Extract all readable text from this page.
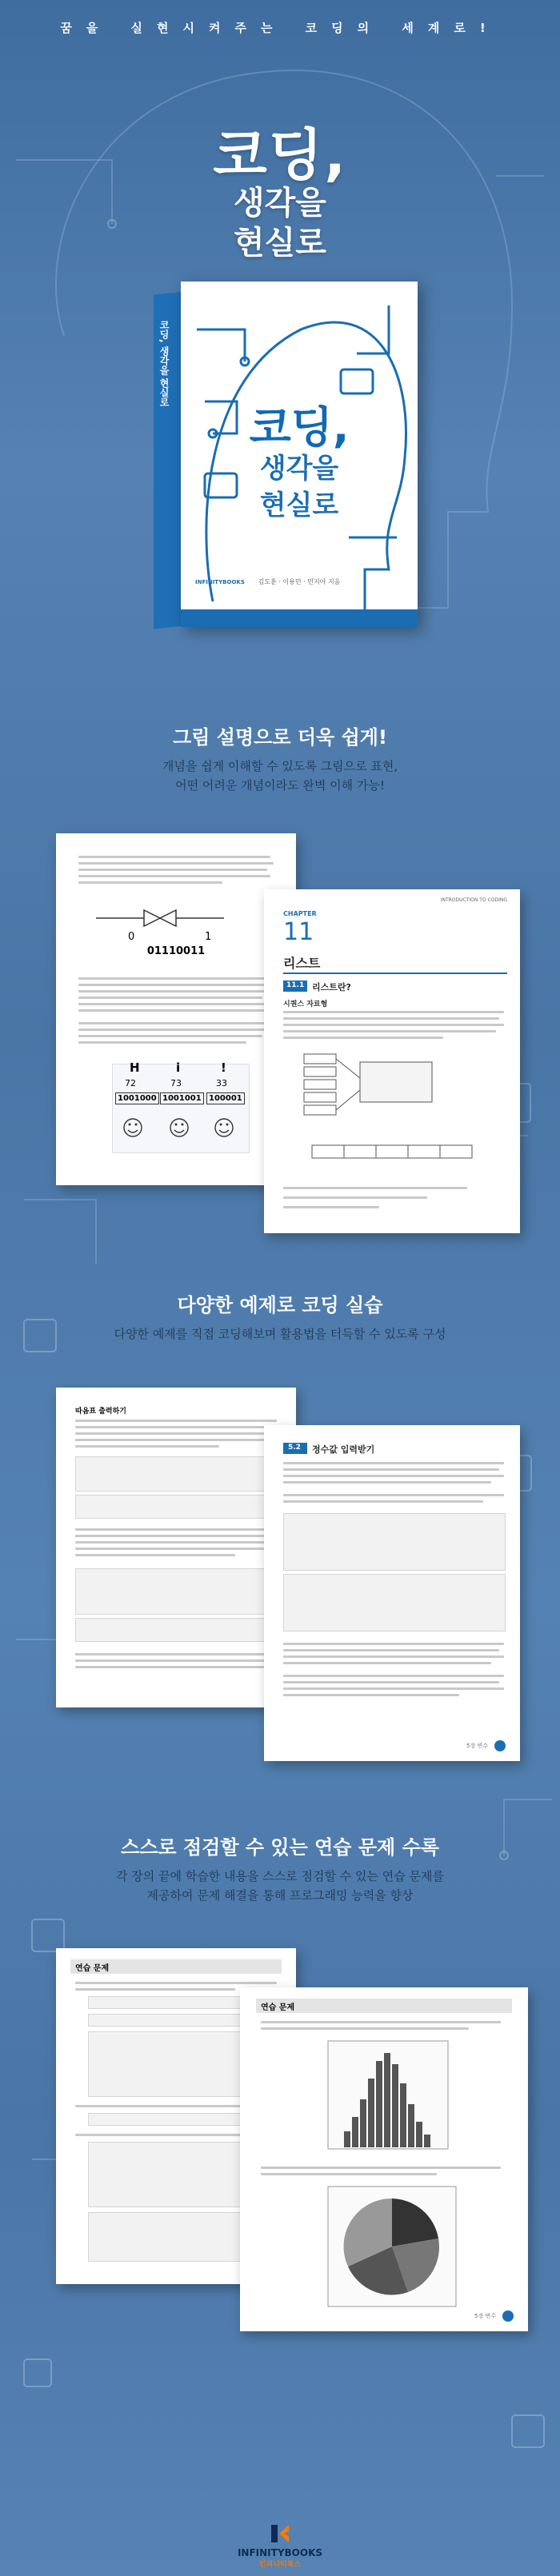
꿈을 실현시켜주는 코딩의 세계로!
코딩,
생각을
현실로
코딩,
생각을
현실로
김도훈 · 이용민 · 민지아 지음
INFINITYBOOKS
코딩, 생각을 현실로
그림 설명으로 더욱 쉽게!
개념을 쉽게 이해할 수 있도록 그림으로 표현,
어떤 어려운 개념이라도 완벽 이해 가능!
0	1
01110011
H	i	!
72	73	33
1001000 1001001 100001
INTRODUCTION TO CODING
CHAPTER
11
리스트
11.1 리스트란?
시퀀스 자료형
다양한 예제로 코딩 실습
다양한 예제를 직접 코딩해보며 활용법을 터득할 수 있도록 구성
따옴표 출력하기
5.2 정수값 입력받기
5장 변수
스스로 점검할 수 있는 연습 문제 수록
각 장의 끝에 학습한 내용을 스스로 점검할 수 있는 연습 문제를
제공하여 문제 해결을 통해 프로그래밍 능력을 향상
연습 문제
연습 문제
5장 변수
INFINITYBOOKS
인피니티북스
